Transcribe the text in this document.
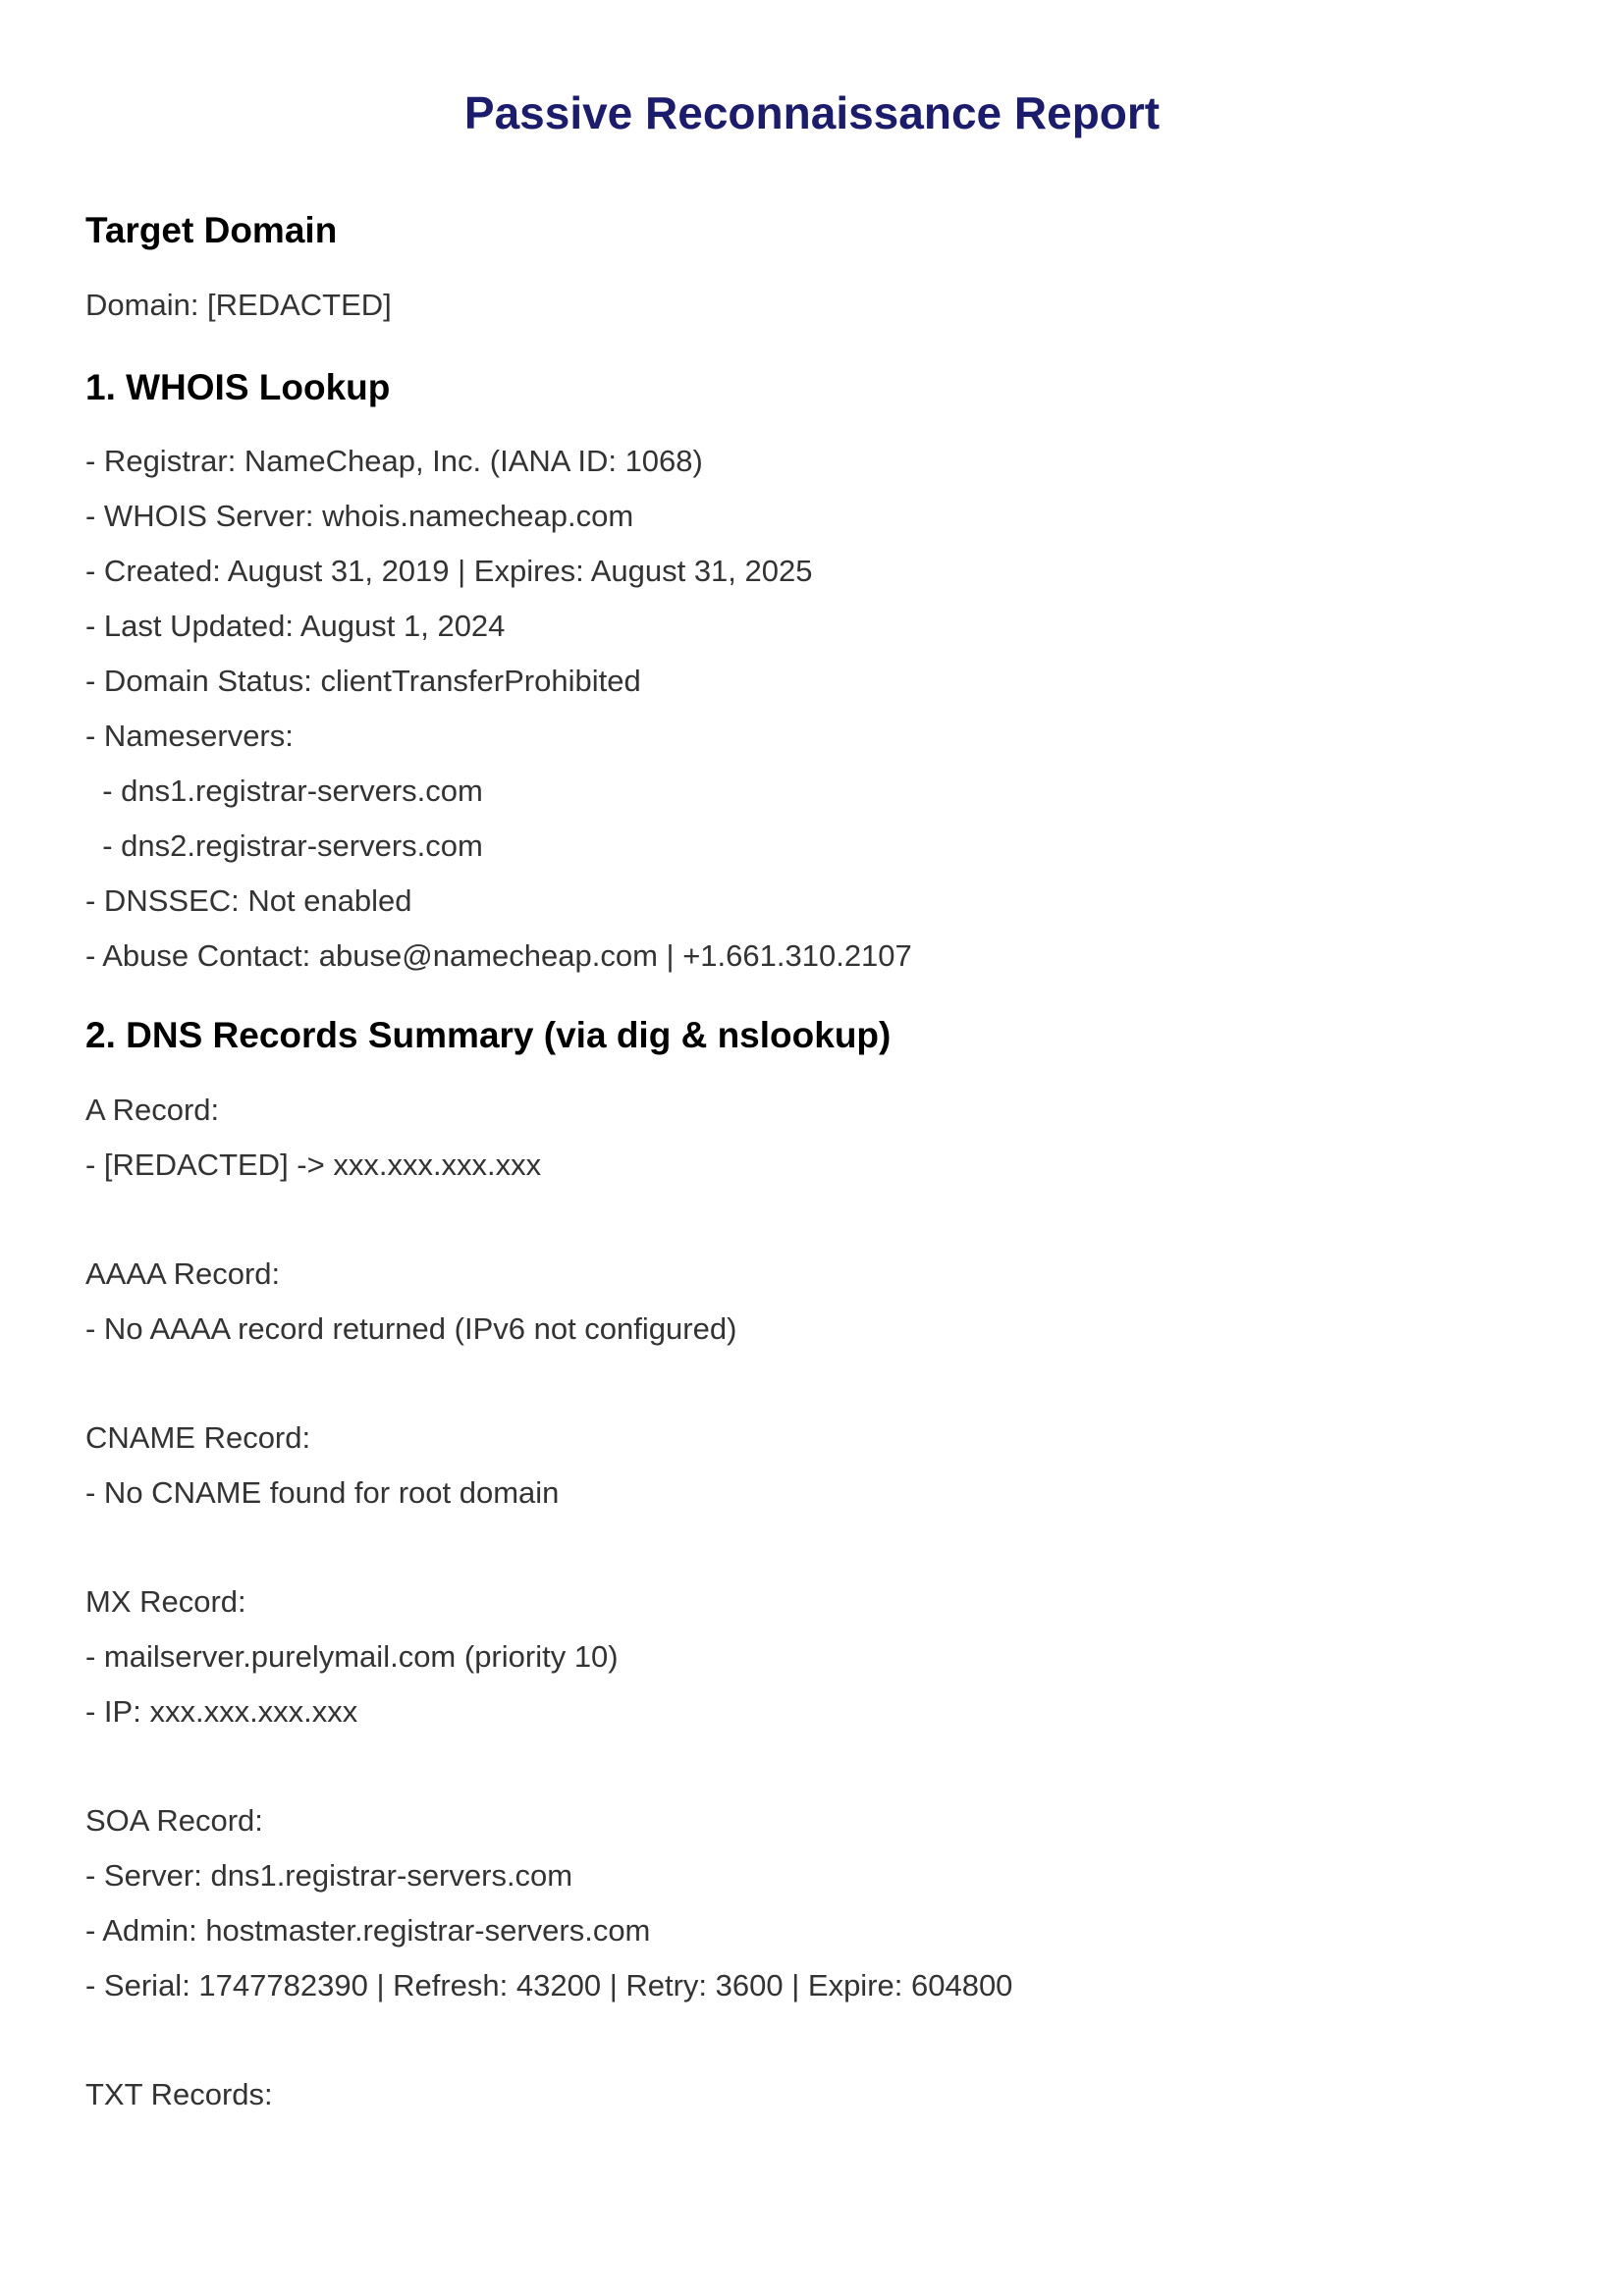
Passive Reconnaissance Report
Target Domain

Domain: [REDACTED]

1. WHOIS Lookup

- Registrar: NameCheap, Inc. (IANA ID: 1068)

- WHOIS Server: whois.namecheap.com

- Created: August 31, 2019 | Expires: August 31, 2025

- Last Updated: August 1, 2024

- Domain Status: clientTransferProhibited

- Nameservers:

- dns1.registrar-servers.com

- dns2.registrar-servers.com

- DNSSEC: Not enabled

- Abuse Contact: abuse@namecheap.com | +1.661.310.2107

2. DNS Records Summary (via dig & nslookup)

A Record:

- [REDACTED] -> xxx.xxx.xxx.xxx

AAAA Record:

- No AAAA record returned (IPv6 not configured)

CNAME Record:

- No CNAME found for root domain

MX Record:

- mailserver.purelymail.com (priority 10)

- IP: xxx.xxx.xxx.xxx

SOA Record:

- Server: dns1.registrar-servers.com

- Admin: hostmaster.registrar-servers.com

- Serial: 1747782390 | Refresh: 43200 | Retry: 3600 | Expire: 604800

TXT Records:
